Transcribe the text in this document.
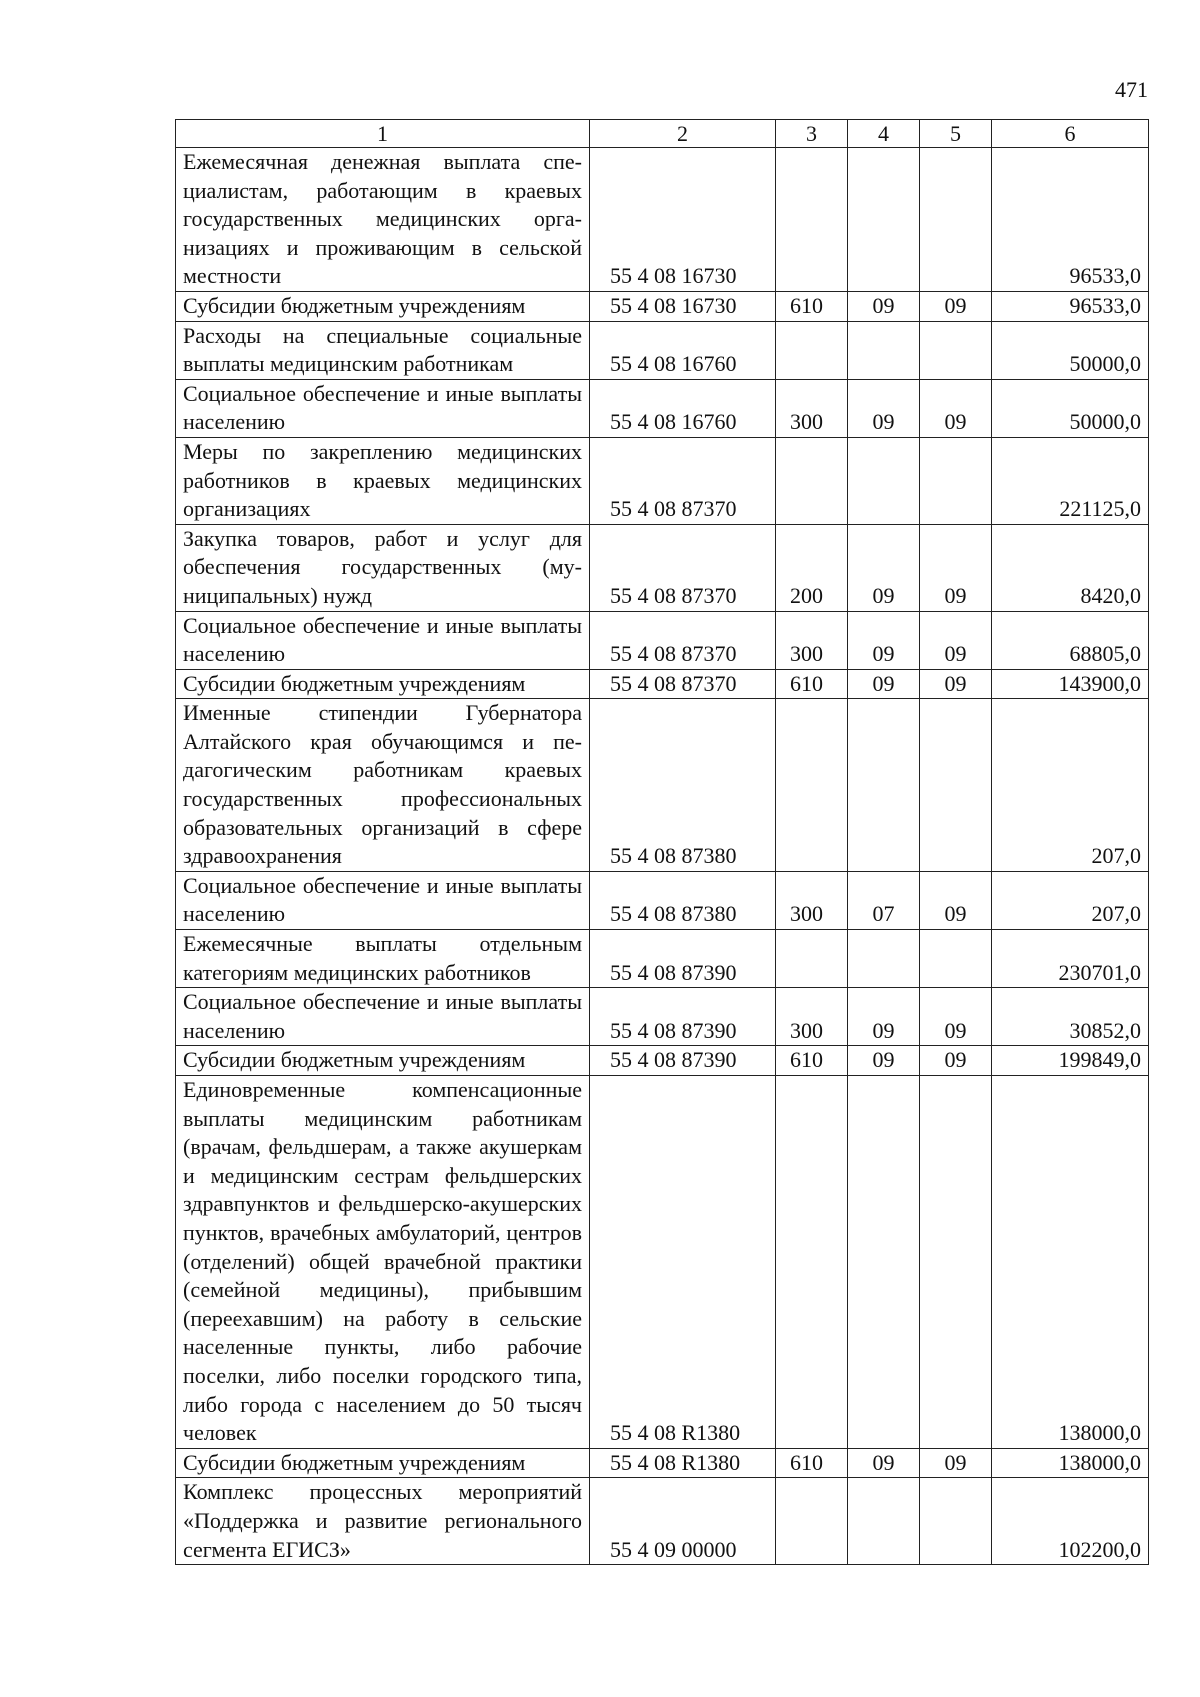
471
1	2	3	4	5	6
Ежемесячная денежная выплата специалистам, работающим в краевых государственных медицинских организациях и проживающим в сельской местности	55 4 08 16730				96533,0
Субсидии бюджетным учреждениям	55 4 08 16730	610	09	09	96533,0
Расходы на специальные социальные выплаты медицинским работникам	55 4 08 16760				50000,0
Социальное обеспечение и иные выплаты населению	55 4 08 16760	300	09	09	50000,0
Меры по закреплению медицинских работников в краевых медицинских организациях	55 4 08 87370				221125,0
Закупка товаров, работ и услуг для обеспечения государственных (муниципальных) нужд	55 4 08 87370	200	09	09	8420,0
Социальное обеспечение и иные выплаты населению	55 4 08 87370	300	09	09	68805,0
Субсидии бюджетным учреждениям	55 4 08 87370	610	09	09	143900,0
Именные стипендии Губернатора Алтайского края обучающимся и педагогическим работникам краевых государственных профессиональных образовательных организаций в сфере здравоохранения	55 4 08 87380				207,0
Социальное обеспечение и иные выплаты населению	55 4 08 87380	300	07	09	207,0
Ежемесячные выплаты отдельным категориям медицинских работников	55 4 08 87390				230701,0
Социальное обеспечение и иные выплаты населению	55 4 08 87390	300	09	09	30852,0
Субсидии бюджетным учреждениям	55 4 08 87390	610	09	09	199849,0
Единовременные компенсационные выплаты медицинским работникам (врачам, фельдшерам, а также акушеркам и медицинским сестрам фельдшерских здравпунктов и фельдшерско-акушерских пунктов, врачебных амбулаторий, центров (отделений) общей врачебной практики (семейной медицины), прибывшим (переехавшим) на работу в сельские населенные пункты, либо рабочие поселки, либо поселки городского типа, либо города с населением до 50 тысяч человек	55 4 08 R1380				138000,0
Субсидии бюджетным учреждениям	55 4 08 R1380	610	09	09	138000,0
Комплекс процессных мероприятий «Поддержка и развитие регионального сегмента ЕГИСЗ»	55 4 09 00000				102200,0
